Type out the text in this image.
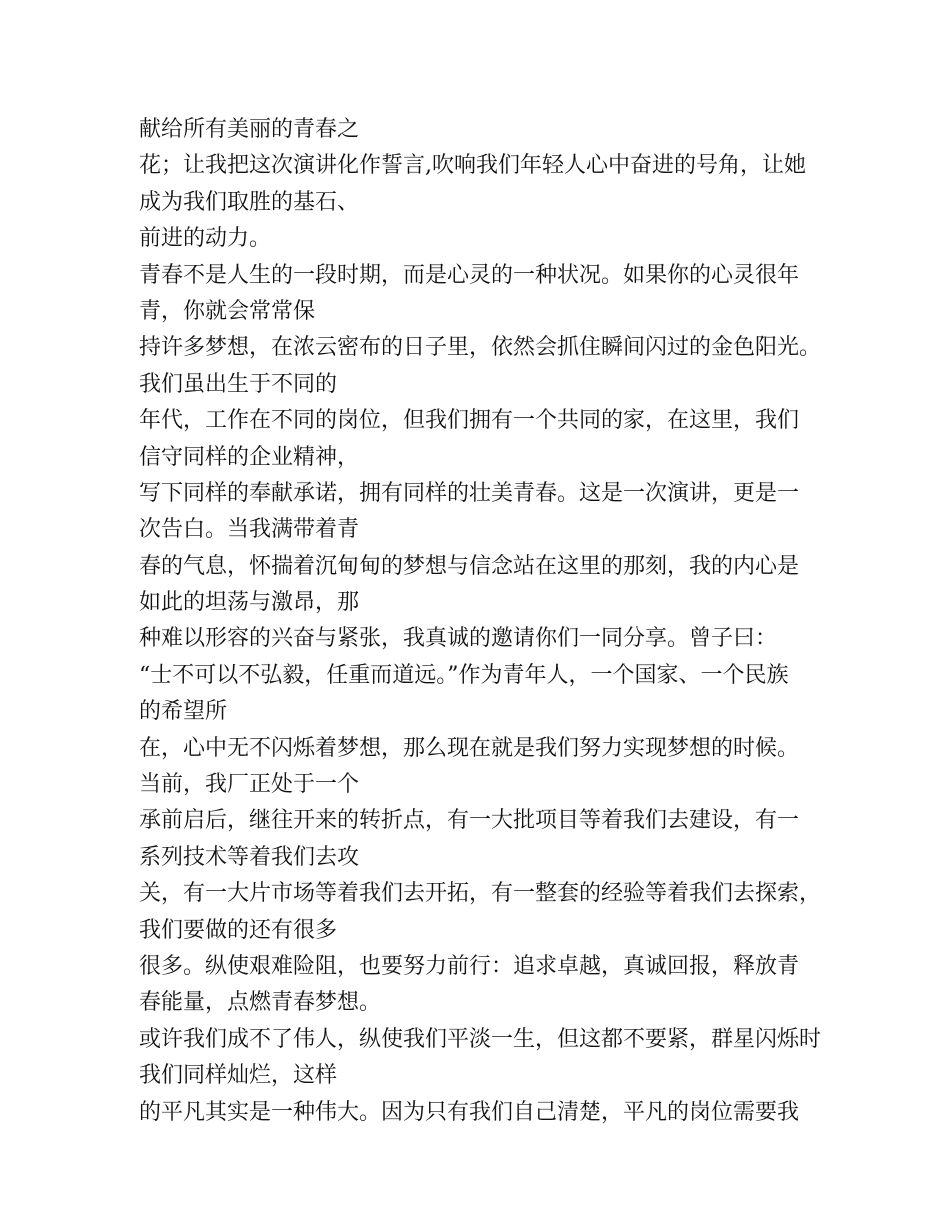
献给所有美丽的青春之
花；让我把这次演讲化作誓言,吹响我们年轻人心中奋进的号角，让她
成为我们取胜的基石、
前进的动力。
青春不是人生的一段时期，而是心灵的一种状况。如果你的心灵很年
青，你就会常常保
持许多梦想，在浓云密布的日子里，依然会抓住瞬间闪过的金色阳光。
我们虽出生于不同的
年代，工作在不同的岗位，但我们拥有一个共同的家，在这里，我们
信守同样的企业精神，
写下同样的奉献承诺，拥有同样的壮美青春。这是一次演讲，更是一
次告白。当我满带着青
春的气息，怀揣着沉甸甸的梦想与信念站在这里的那刻，我的内心是
如此的坦荡与激昂，那
种难以形容的兴奋与紧张，我真诚的邀请你们一同分享。曾子曰：
“士不可以不弘毅，任重而道远。”作为青年人，一个国家、一个民族
的希望所
在，心中无不闪烁着梦想，那么现在就是我们努力实现梦想的时候。
当前，我厂正处于一个
承前启后，继往开来的转折点，有一大批项目等着我们去建设，有一
系列技术等着我们去攻
关，有一大片市场等着我们去开拓，有一整套的经验等着我们去探索，
我们要做的还有很多
很多。纵使艰难险阻，也要努力前行：追求卓越，真诚回报，释放青
春能量，点燃青春梦想。
或许我们成不了伟人，纵使我们平淡一生，但这都不要紧，群星闪烁时
我们同样灿烂，这样
的平凡其实是一种伟大。因为只有我们自己清楚，平凡的岗位需要我
